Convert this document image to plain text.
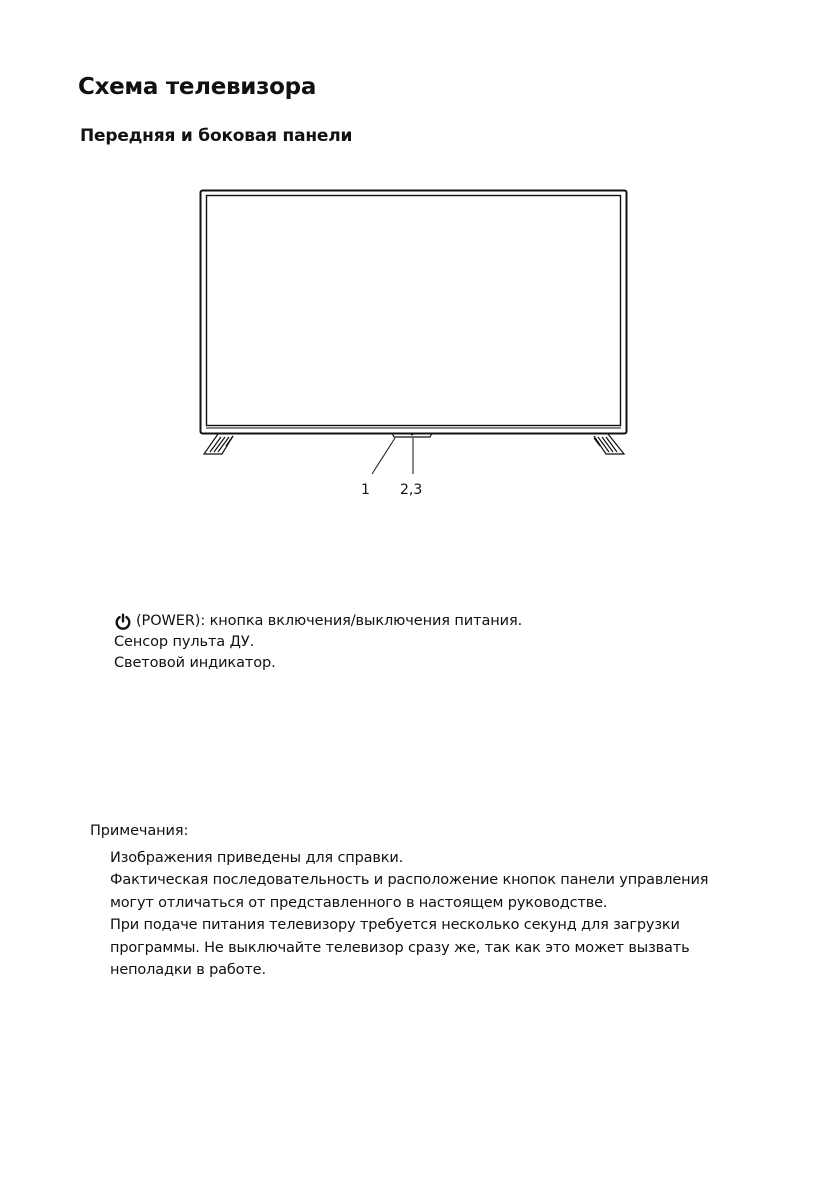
Схема телевизора
Передняя и боковая панели
1 2,3
(POWER): кнопка включения/выключения питания.
Сенсор пульта ДУ.
Световой индикатор.
Примечания:
Изображения приведены для справки.
Фактическая последовательность и расположение кнопок панели управления
могут отличаться от представленного в настоящем руководстве.
При подаче питания телевизору требуется несколько секунд для загрузки
программы. Не выключайте телевизор сразу же, так как это может вызвать
неполадки в работе.
